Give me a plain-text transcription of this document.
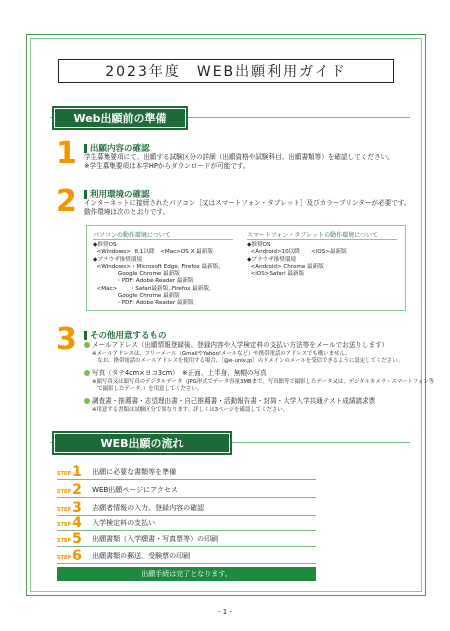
2023年度　WEB出願利用ガイド
Web出願前の準備
1 出願内容の確認
学生募集要項にて、出願する試験区分の詳細（出願資格や試験科目、出願書類等）を確認してください。
※学生募集要項は本学HPからダウンロードが可能です。
2 利用環境の確認
インターネットに接続されたパソコン［又はスマートフォン・タブレット］及びカラープリンターが必要です。
動作環境は次のとおりです。
パソコンの動作環境について
◆推奨OS
<Windows>  8.1以降　<Mac>OS X 最新版
◆ブラウザ推奨環境
<Windows>・Microsoft Edge, Firefox 最新版,
Google Chrome 最新版
・PDF: Adobe Reader 最新版
<Mac>       ・Safari最新版, Firefox 最新版,
Google Chrome 最新版
・PDF: Adobe Reader 最新版
スマートフォン・タブレットの動作環境について
◆推奨OS
<Android>10以降　　<iOS>最新版
◆ブラウザ推奨環境
<Android> Chrome 最新版
<iOS>Safari 最新版
3 その他用意するもの
メールアドレス（出願情報登録後、登録内容や入学検定料の支払い方法等をメールでお送りします）
※メールアドレスは、フリーメール（GmailやYahoo!メールなど）や携帯電話のアドレスでも構いません。
　なお、携帯電話のメールアドレスを使用する場合、［@e-univ.jp］のドメインのメールを受信できるように設定してください。
写真（タテ4cm×ヨコ3cm）　※正面、上半身、無帽の写真
※顔写真又は顔写真のデジタルデータ（JPG形式でデータ容量3MBまで。写真館等で撮影したデータ又は、デジタルカメラ・スマートフォン等
　で撮影したデータ。）を用意してください。
調査書・推薦書・志望理由書・自己推薦書・活動報告書・封筒・大学入学共通テスト成績請求票
※用意する書類は試験区分で異なります。詳しくは3ページを確認してください。
WEB出願の流れ
STEP 1	出願に必要な書類等を準備
STEP 2	WEB出願ページにアクセス
STEP 3	志願者情報の入力、登録内容の確認
STEP 4	入学検定料の支払い
STEP 5	出願書類（入学願書・写真票等）の印刷
STEP 6	出願書類の郵送、受験票の印刷
出願手続は完了となります。
- 1 -
